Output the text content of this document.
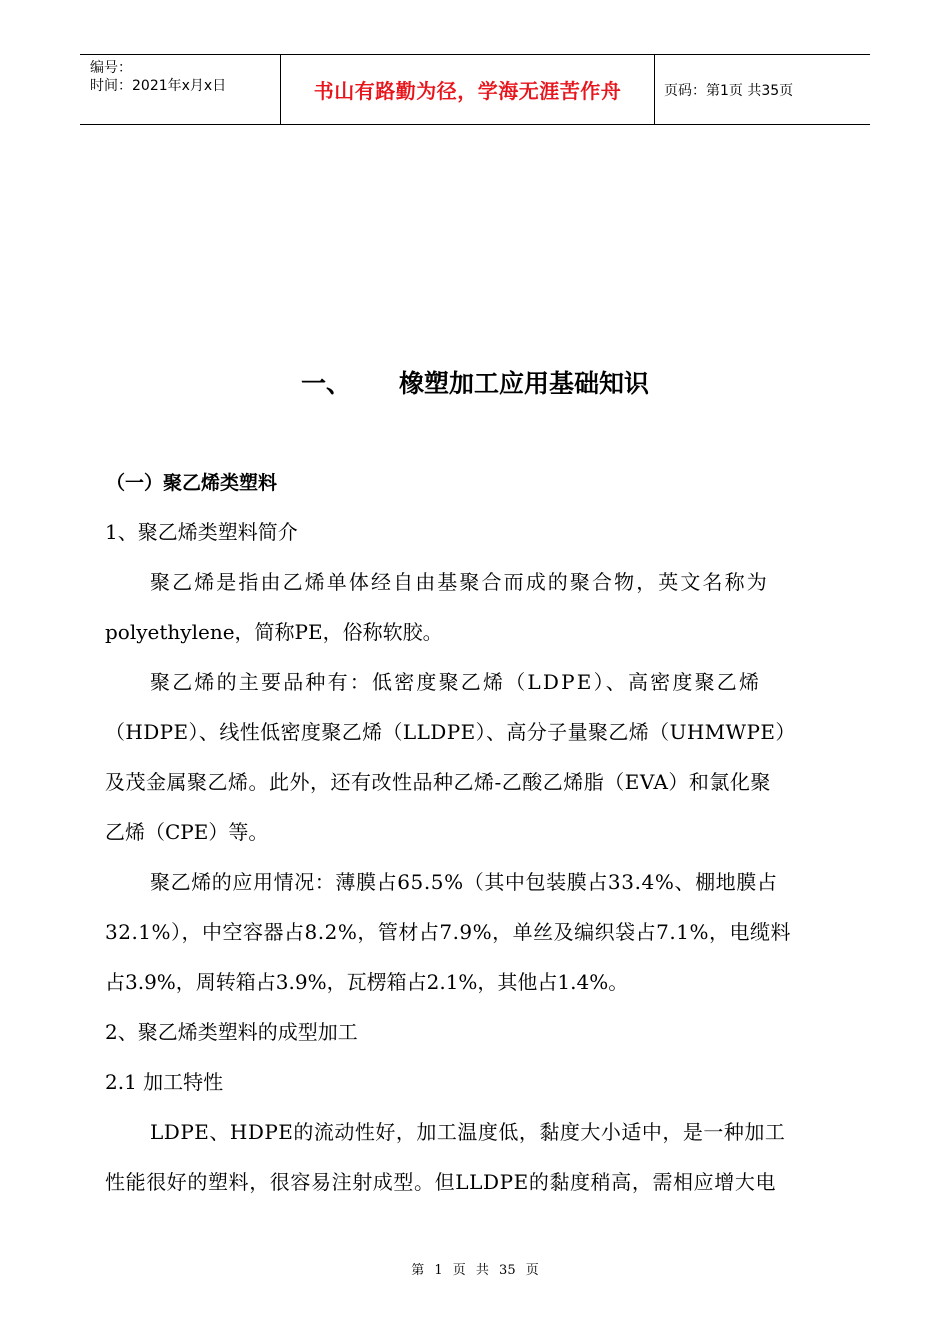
编号：
时间：2021年x月x日	书山有路勤为径，学海无涯苦作舟	页码：第1页 共35页
一、 橡塑加工应用基础知识
（一）聚乙烯类塑料
1、聚乙烯类塑料简介
聚乙烯是指由乙烯单体经自由基聚合而成的聚合物，英文名称为
polyethylene，简称PE，俗称软胶。
聚乙烯的主要品种有：低密度聚乙烯（LDPE）、高密度聚乙烯
（HDPE）、线性低密度聚乙烯（LLDPE）、高分子量聚乙烯（UHMWPE）
及茂金属聚乙烯。此外，还有改性品种乙烯-乙酸乙烯脂（EVA）和氯化聚
乙烯（CPE）等。
聚乙烯的应用情况：薄膜占65.5%（其中包装膜占33.4%、棚地膜占
32.1%），中空容器占8.2%，管材占7.9%，单丝及编织袋占7.1%，电缆料
占3.9%，周转箱占3.9%，瓦楞箱占2.1%，其他占1.4%。
2、聚乙烯类塑料的成型加工
2.1 加工特性
LDPE、HDPE的流动性好，加工温度低，黏度大小适中，是一种加工
性能很好的塑料，很容易注射成型。但LLDPE的黏度稍高，需相应增大电
第 1 页 共 35 页
